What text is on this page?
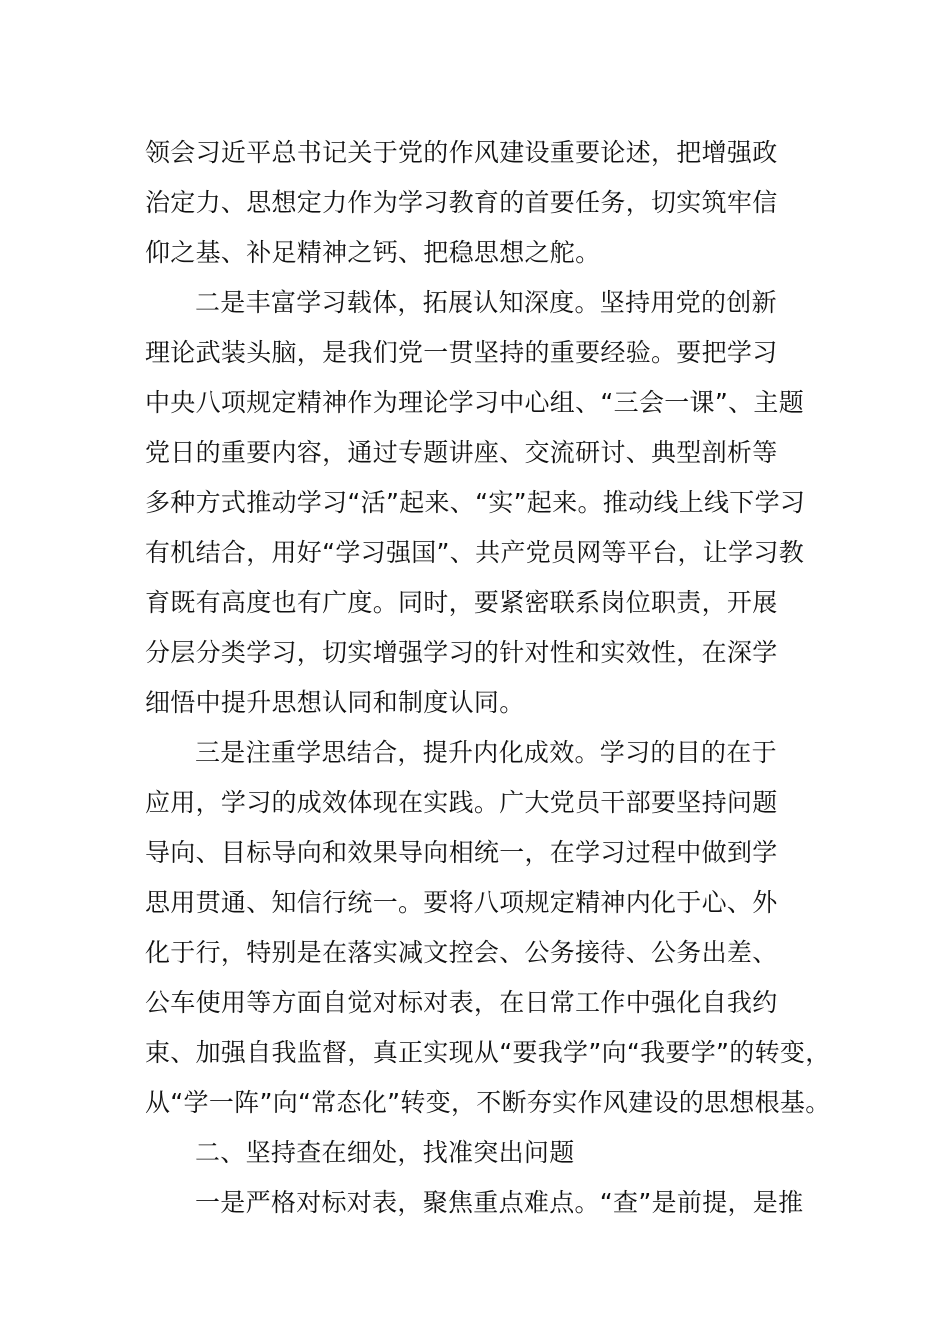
领会习近平总书记关于党的作风建设重要论述，把增强政
治定力、思想定力作为学习教育的首要任务，切实筑牢信
仰之基、补足精神之钙、把稳思想之舵。
二是丰富学习载体，拓展认知深度。坚持用党的创新
理论武装头脑，是我们党一贯坚持的重要经验。要把学习
中央八项规定精神作为理论学习中心组、“三会一课”、主题
党日的重要内容，通过专题讲座、交流研讨、典型剖析等
多种方式推动学习“活”起来、“实”起来。推动线上线下学习
有机结合，用好“学习强国”、共产党员网等平台，让学习教
育既有高度也有广度。同时，要紧密联系岗位职责，开展
分层分类学习，切实增强学习的针对性和实效性，在深学
细悟中提升思想认同和制度认同。
三是注重学思结合，提升内化成效。学习的目的在于
应用，学习的成效体现在实践。广大党员干部要坚持问题
导向、目标导向和效果导向相统一，在学习过程中做到学
思用贯通、知信行统一。要将八项规定精神内化于心、外
化于行，特别是在落实减文控会、公务接待、公务出差、
公车使用等方面自觉对标对表，在日常工作中强化自我约
束、加强自我监督，真正实现从“要我学”向“我要学”的转变，
从“学一阵”向“常态化”转变，不断夯实作风建设的思想根基。
二、坚持查在细处，找准突出问题
一是严格对标对表，聚焦重点难点。“查”是前提，是推
